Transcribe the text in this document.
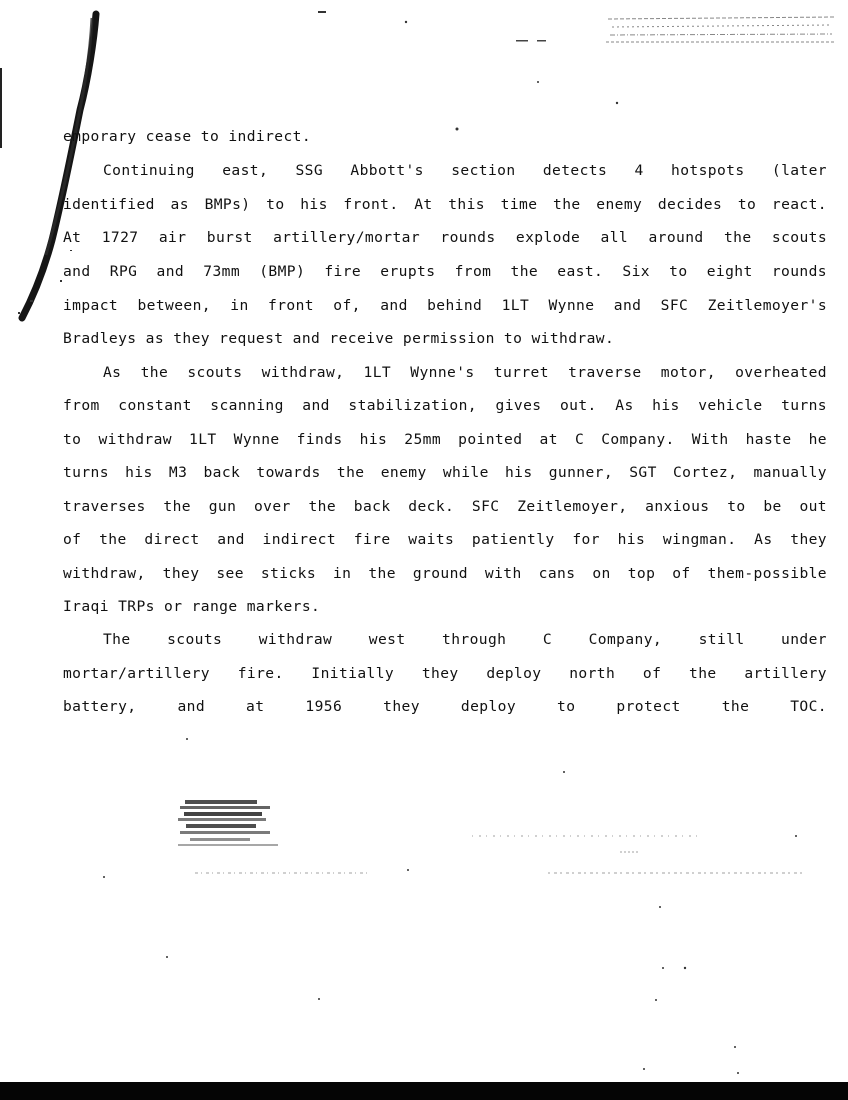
emporary cease to indirect.
Continuing east, SSG Abbott's section detects 4 hotspots (later
identified as BMPs) to his front. At this time the enemy decides to react.
At 1727 air burst artillery/mortar rounds explode all around the scouts
and RPG and 73mm (BMP) fire erupts from the east. Six to eight rounds
impact between, in front of, and behind 1LT Wynne and SFC Zeitlemoyer's
Bradleys as they request and receive permission to withdraw.
As the scouts withdraw, 1LT Wynne's turret traverse motor, overheated
from constant scanning and stabilization, gives out. As his vehicle turns
to withdraw 1LT Wynne finds his 25mm pointed at C Company. With haste he
turns his M3 back towards the enemy while his gunner, SGT Cortez, manually
traverses the gun over the back deck. SFC Zeitlemoyer, anxious to be out
of the direct and indirect fire waits patiently for his wingman. As they
withdraw, they see sticks in the ground with cans on top of them-possible
Iraqi TRPs or range markers.
The scouts withdraw west through C Company, still under
mortar/artillery fire. Initially they deploy north of the artillery
battery, and at 1956 they deploy to protect the TOC.
